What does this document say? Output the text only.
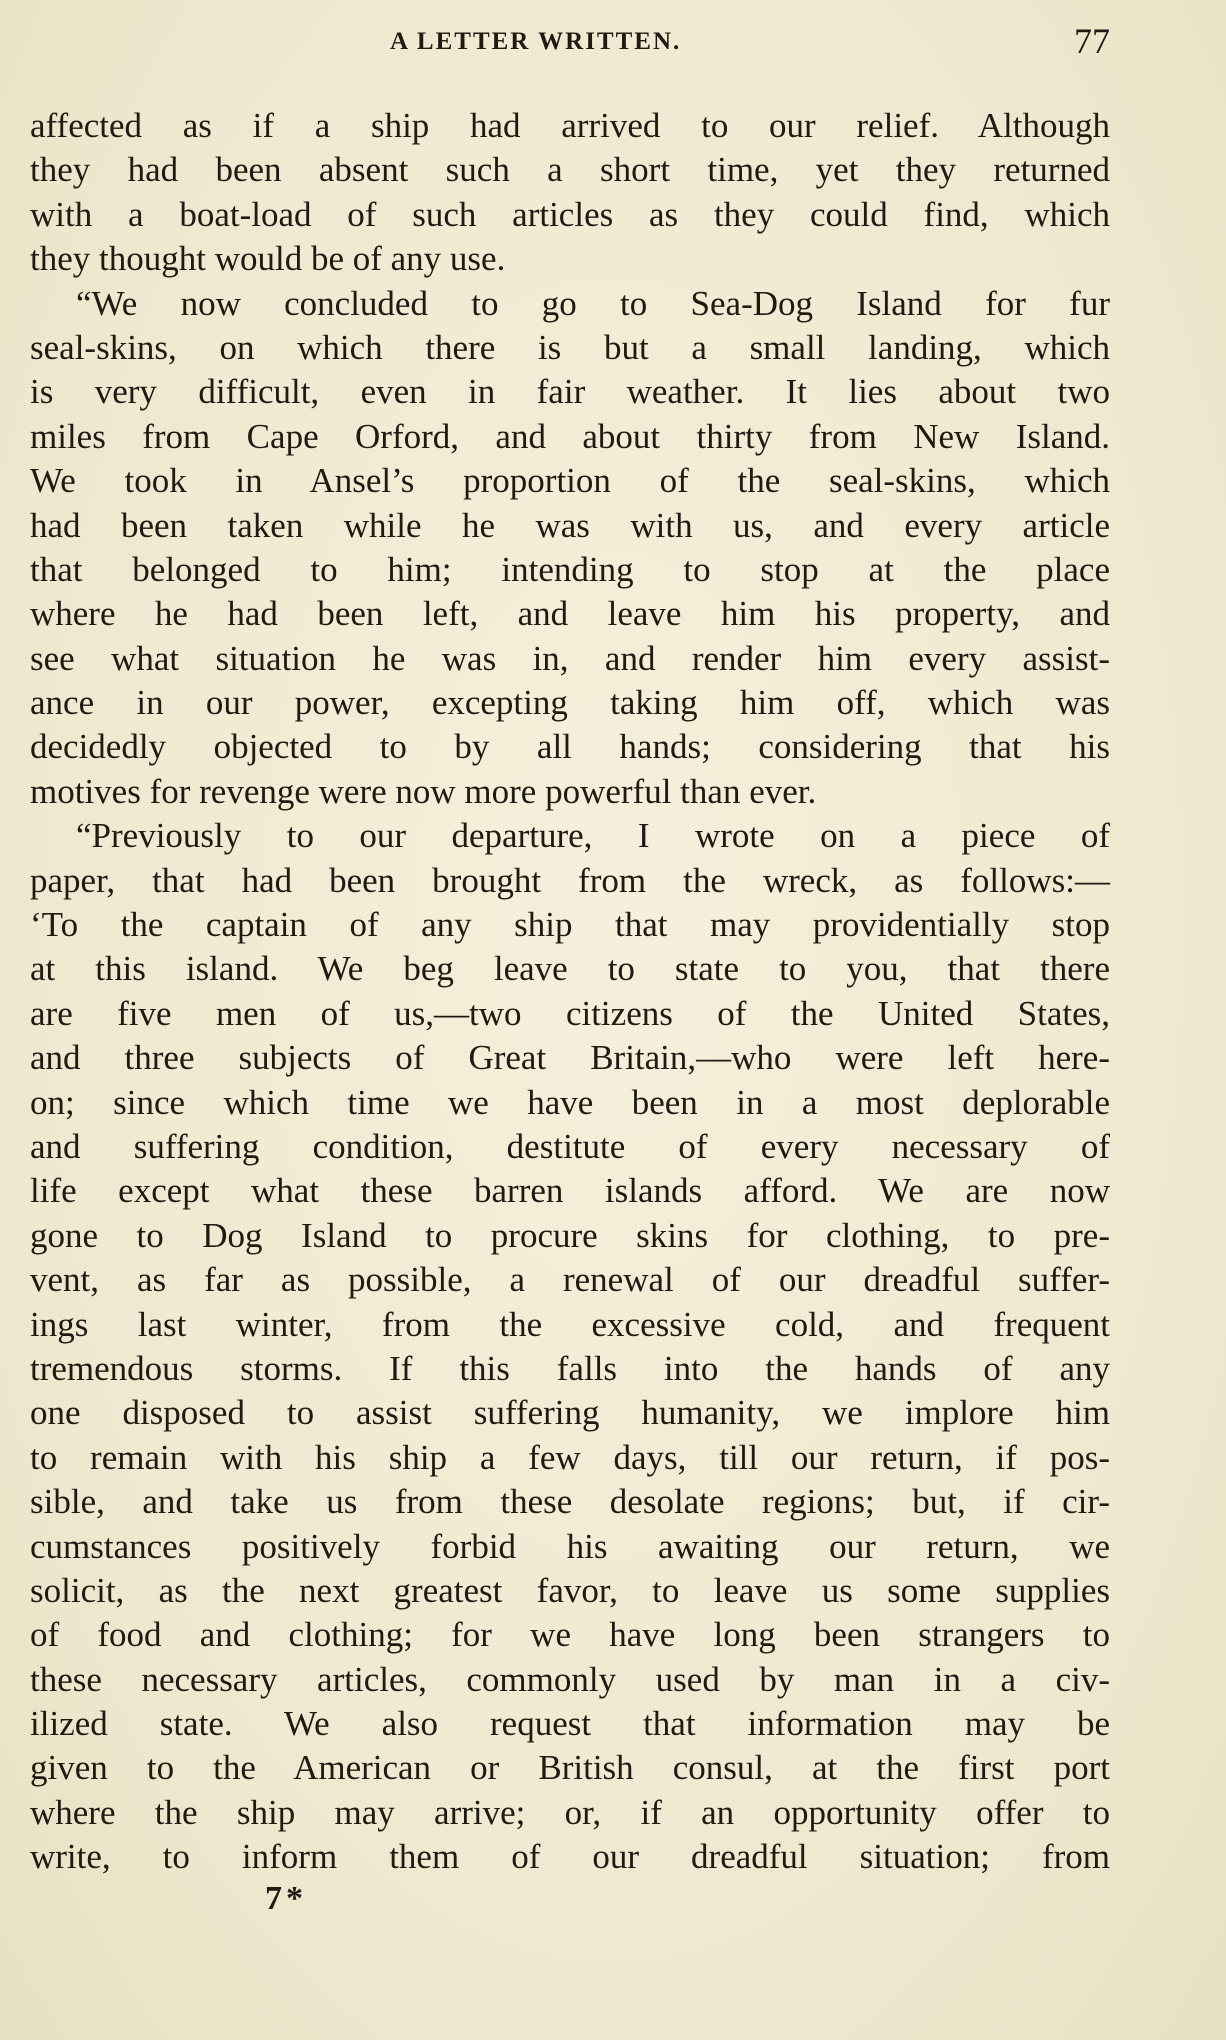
A LETTER WRITTEN.	77
affected as if a ship had arrived to our relief. Although
they had been absent such a short time, yet they returned
with a boat-load of such articles as they could find, which
they thought would be of any use.
“We now concluded to go to Sea-Dog Island for fur
seal-skins, on which there is but a small landing, which
is very difficult, even in fair weather. It lies about two
miles from Cape Orford, and about thirty from New Island.
We took in Ansel’s proportion of the seal-skins, which
had been taken while he was with us, and every article
that belonged to him; intending to stop at the place
where he had been left, and leave him his property, and
see what situation he was in, and render him every assist-
ance in our power, excepting taking him off, which was
decidedly objected to by all hands; considering that his
motives for revenge were now more powerful than ever.
“Previously to our departure, I wrote on a piece of
paper, that had been brought from the wreck, as follows:—
‘To the captain of any ship that may providentially stop
at this island. We beg leave to state to you, that there
are five men of us,—two citizens of the United States,
and three subjects of Great Britain,—who were left here-
on; since which time we have been in a most deplorable
and suffering condition, destitute of every necessary of
life except what these barren islands afford. We are now
gone to Dog Island to procure skins for clothing, to pre-
vent, as far as possible, a renewal of our dreadful suffer-
ings last winter, from the excessive cold, and frequent
tremendous storms. If this falls into the hands of any
one disposed to assist suffering humanity, we implore him
to remain with his ship a few days, till our return, if pos-
sible, and take us from these desolate regions; but, if cir-
cumstances positively forbid his awaiting our return, we
solicit, as the next greatest favor, to leave us some supplies
of food and clothing; for we have long been strangers to
these necessary articles, commonly used by man in a civ-
ilized state. We also request that information may be
given to the American or British consul, at the first port
where the ship may arrive; or, if an opportunity offer to
write, to inform them of our dreadful situation; from
7*
